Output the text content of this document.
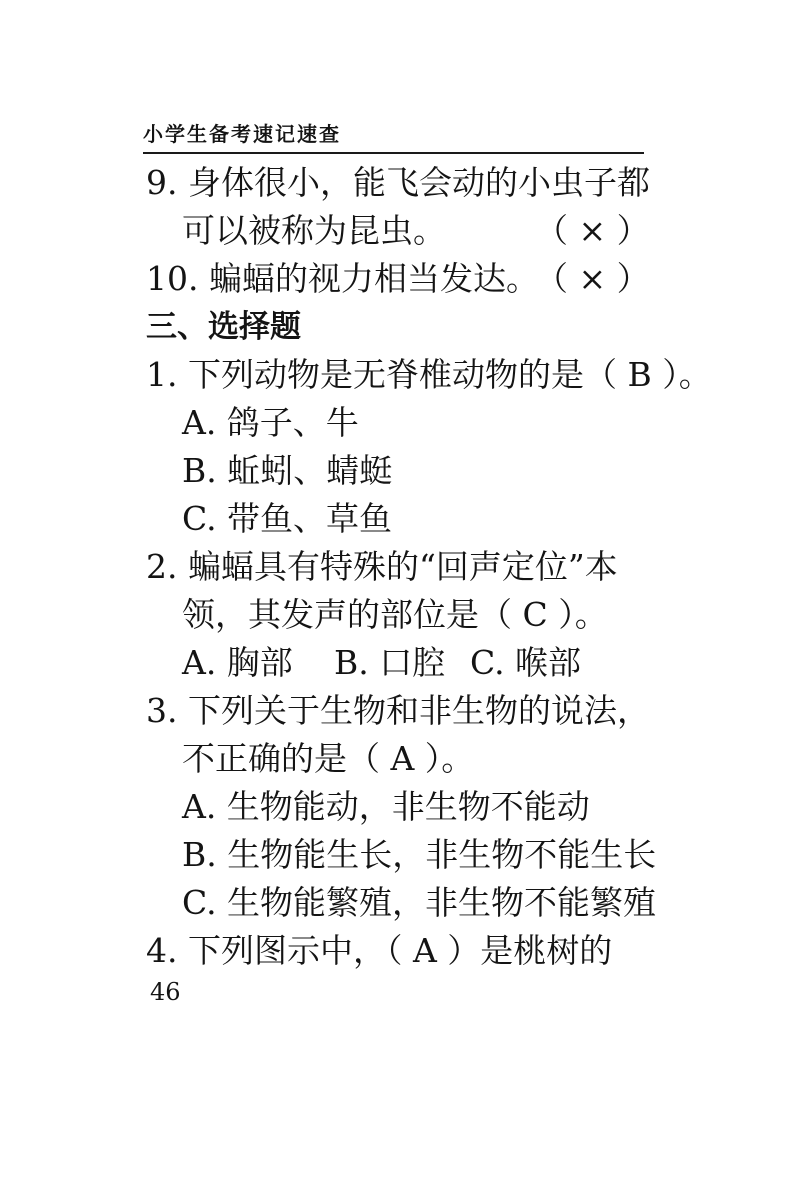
小学生备考速记速查
9. 身体很小，能飞会动的小虫子都
可以被称为昆虫。	（ × ）
10. 蝙蝠的视力相当发达。
（ × ）
三、选择题
1. 下列动物是无脊椎动物的是（ B ）。
A. 鸽子、牛
B. 蚯蚓、蜻蜓
C. 带鱼、草鱼
2. 蝙蝠具有特殊的“回声定位”本
领，其发声的部位是（ C ）。
A. 胸部 B. 口腔 C. 喉部
3. 下列关于生物和非生物的说法，
不正确的是（ A ）。
A. 生物能动，非生物不能动
B. 生物能生长，非生物不能生长
C. 生物能繁殖，非生物不能繁殖
4. 下列图示中，（ A ）是桃树的
46
